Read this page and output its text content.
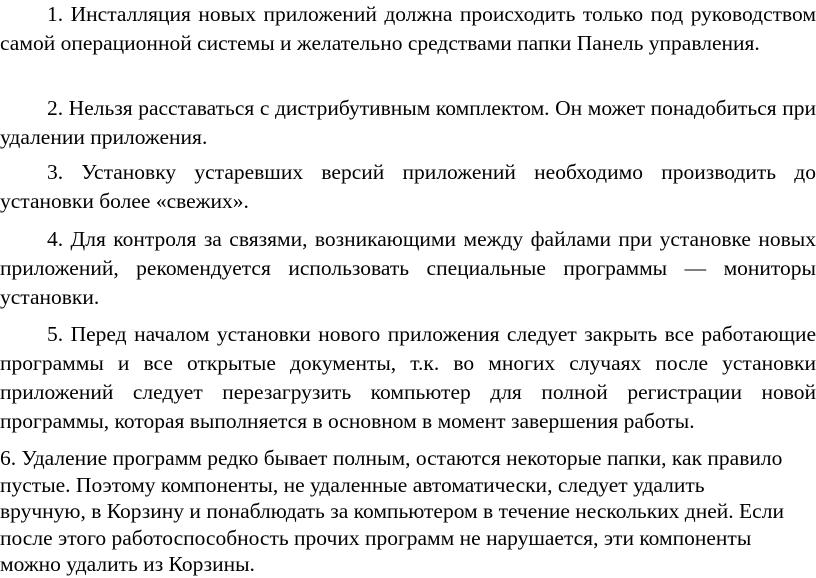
1. Инсталляция новых приложений должна происходить только под руководством самой операционной системы и желательно средствами папки Панель управления.

2. Нельзя расставаться с дистрибутивным комплектом. Он может понадобиться при удалении приложения.

3. Установку устаревших версий приложений необходимо производить до установки более «свежих».

4. Для контроля за связями, возникающими между файлами при установке новых приложений, рекомендуется использовать специальные программы — мониторы установки.

5. Перед началом установки нового приложения следует закрыть все работающие программы и все открытые документы, т.к. во многих случаях после установки приложений следует перезагрузить компьютер для полной регистрации новой программы, которая выполняется в основном в момент завершения работы.

6. Удаление программ редко бывает полным, остаются некоторые папки, как правило пустые. Поэтому компоненты, не удаленные автоматически, следует удалить вручную, в Корзину и понаблюдать за компьютером в течение нескольких дней. Если после этого работоспособность прочих программ не нарушается, эти компоненты можно удалить из Корзины.
